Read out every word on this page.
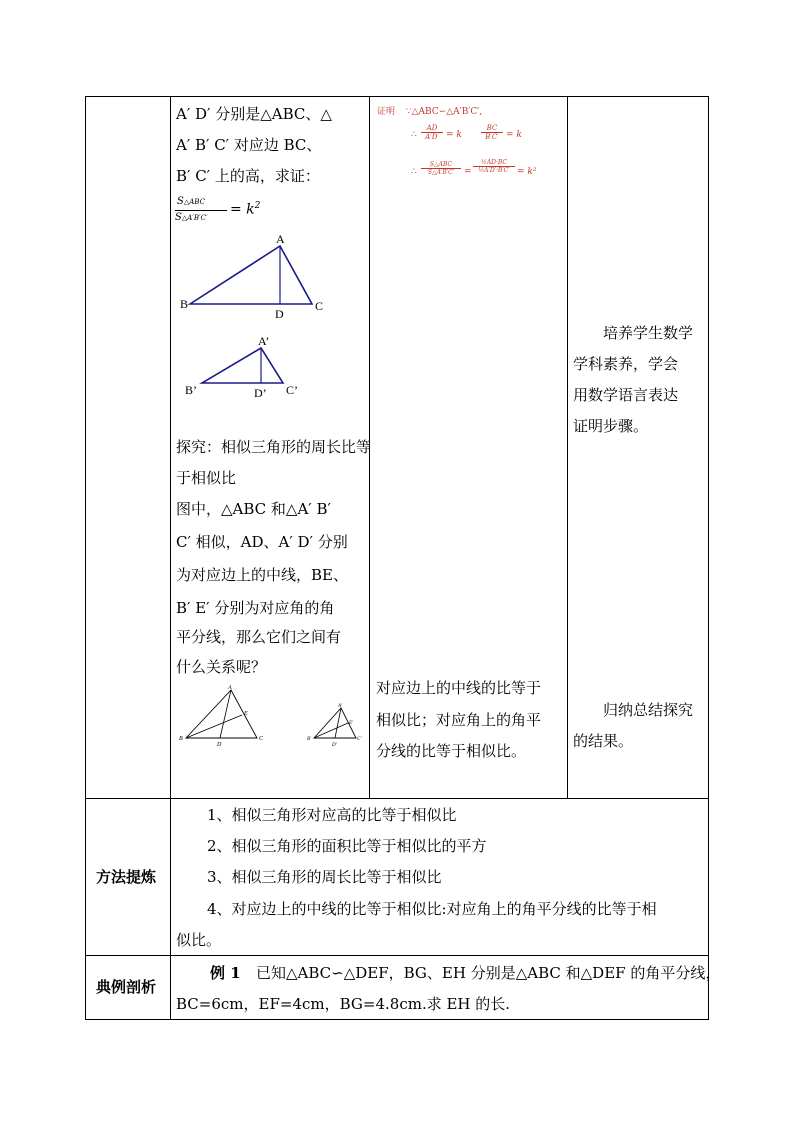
A′ D′ 分别是△ABC、△
A′ B′ C′ 对应边 BC、
B′ C′ 上的高，求证：
S△ABC
S△A′B′C′
= $k^2$
A
B	C
D
A’
B’	C’
D’
探究：相似三角形的周长比等
于相似比
图中，△ABC 和△A′ B′
C′ 相似，AD、A′ D′ 分别
为对应边上的中线，BE、
B′ E′ 分别为对应角的角
平分线，那么它们之间有
什么关系呢？
A
B	C
D
E
A'
B'	C'
D'
E'
证明 ∵△ABC∽△A′B′C′,
∴
AD
A′D′ = k
BC
B′C′ = k
∴
S△ABC
S△A′B′C′	=
½AD·BC
½A′D′·B′C′ = k²
对应边上的中线的比等于
相似比；对应角上的角平
分线的比等于相似比。
　　培养学生数学
学科素养，学会
用数学语言表达
证明步骤。
　　归纳总结探究
的结果。
方法提炼
1、相似三角形对应高的比等于相似比
2、相似三角形的面积比等于相似比的平方
3、相似三角形的周长比等于相似比
4、对应边上的中线的比等于相似比:对应角上的角平分线的比等于相
似比。
典例剖析
例 1 已知△ABC∽△DEF，BG、EH 分别是△ABC 和△DEF 的角平分线，
BC=6cm，EF=4cm，BG=4.8cm.求 EH 的长.
